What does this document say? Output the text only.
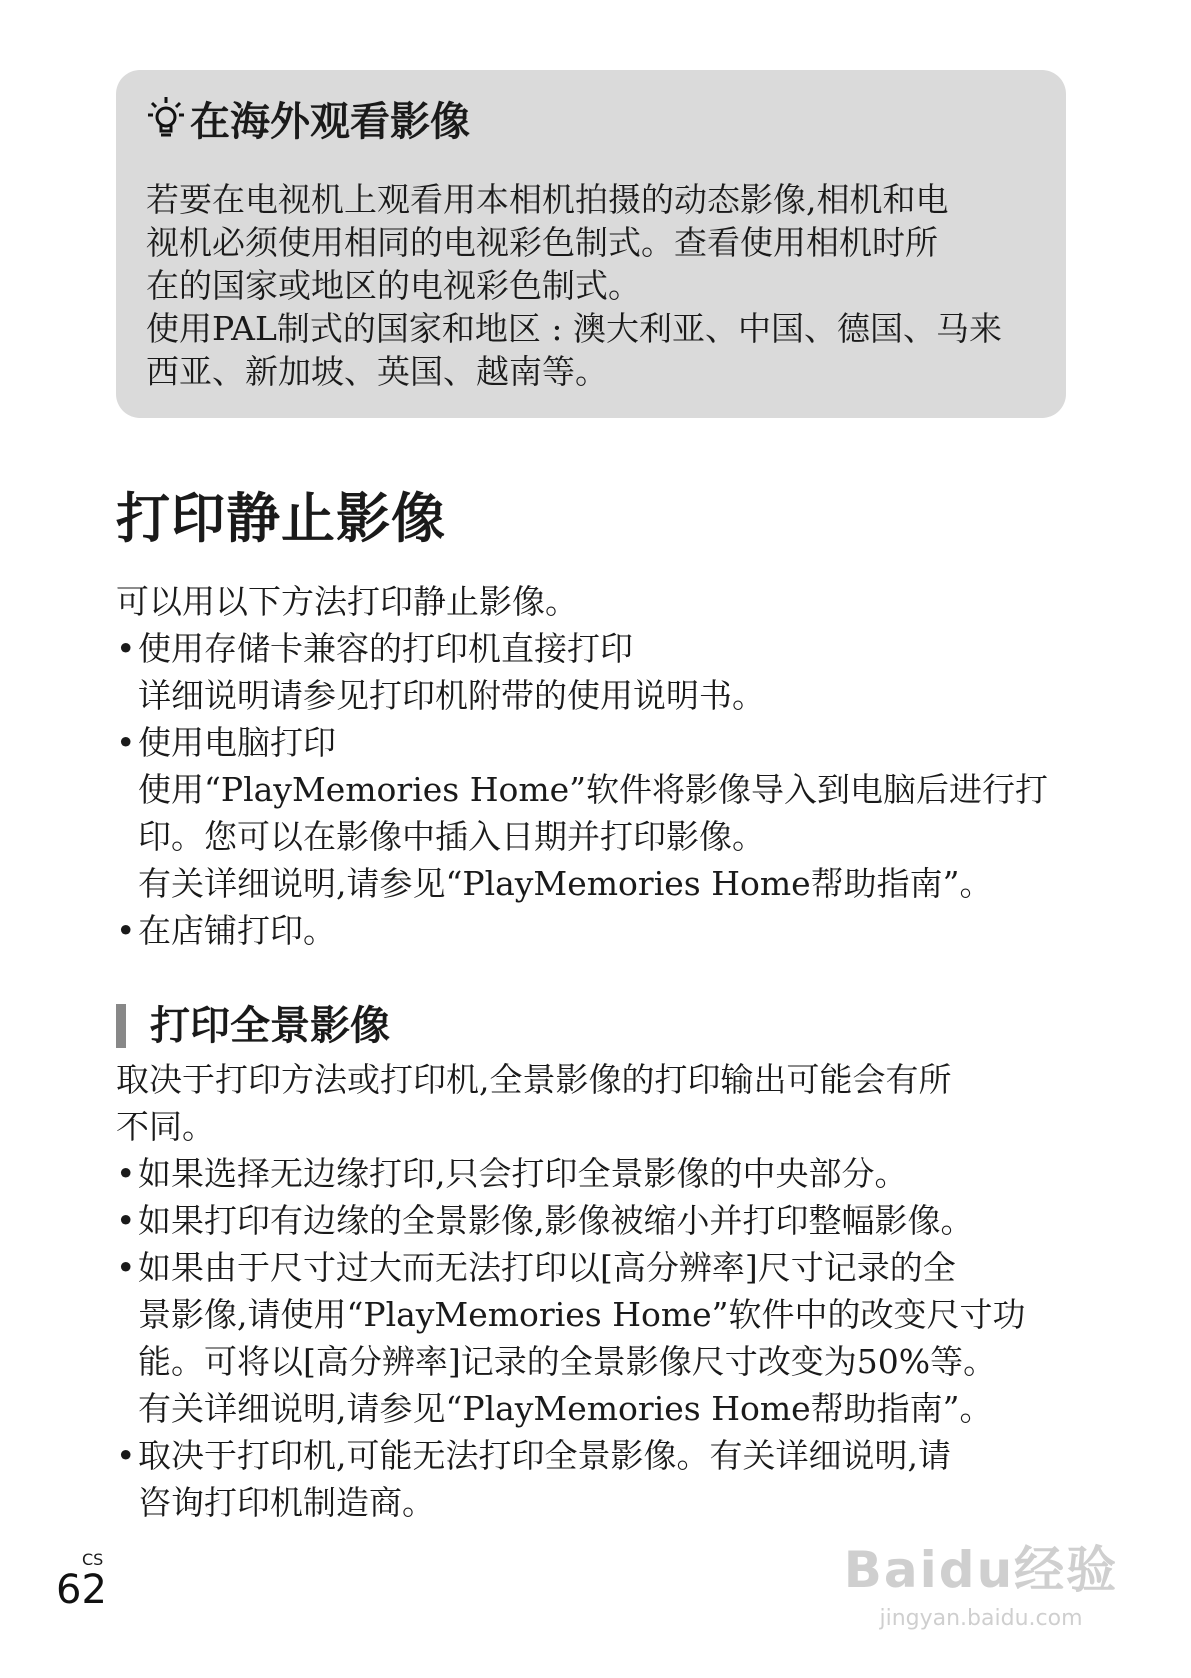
在海外观看影像

若要在电视机上观看用本相机拍摄的动态影像,相机和电

视机必须使用相同的电视彩色制式。查看使用相机时所

在的国家或地区的电视彩色制式。

使用PAL制式的国家和地区 : 澳大利亚、中国、德国、马来

西亚、新加坡、英国、越南等。

打印静止影像

可以用以下方法打印静止影像。

• 使用存储卡兼容的打印机直接打印

详细说明请参见打印机附带的使用说明书。

• 使用电脑打印

使用“PlayMemories Home”软件将影像导入到电脑后进行打

印。您可以在影像中插入日期并打印影像。

有关详细说明,请参见“PlayMemories Home帮助指南”。

• 在店铺打印。

打印全景影像

取决于打印方法或打印机,全景影像的打印输出可能会有所

不同。

• 如果选择无边缘打印,只会打印全景影像的中央部分。

• 如果打印有边缘的全景影像,影像被缩小并打印整幅影像。

• 如果由于尺寸过大而无法打印以[高分辨率]尺寸记录的全

景影像,请使用“PlayMemories Home”软件中的改变尺寸功

能。可将以[高分辨率]记录的全景影像尺寸改变为50%等。

有关详细说明,请参见“PlayMemories Home帮助指南”。

• 取决于打印机,可能无法打印全景影像。有关详细说明,请

咨询打印机制造商。

CS
62	Baidu经验
jingyan.baidu.com
